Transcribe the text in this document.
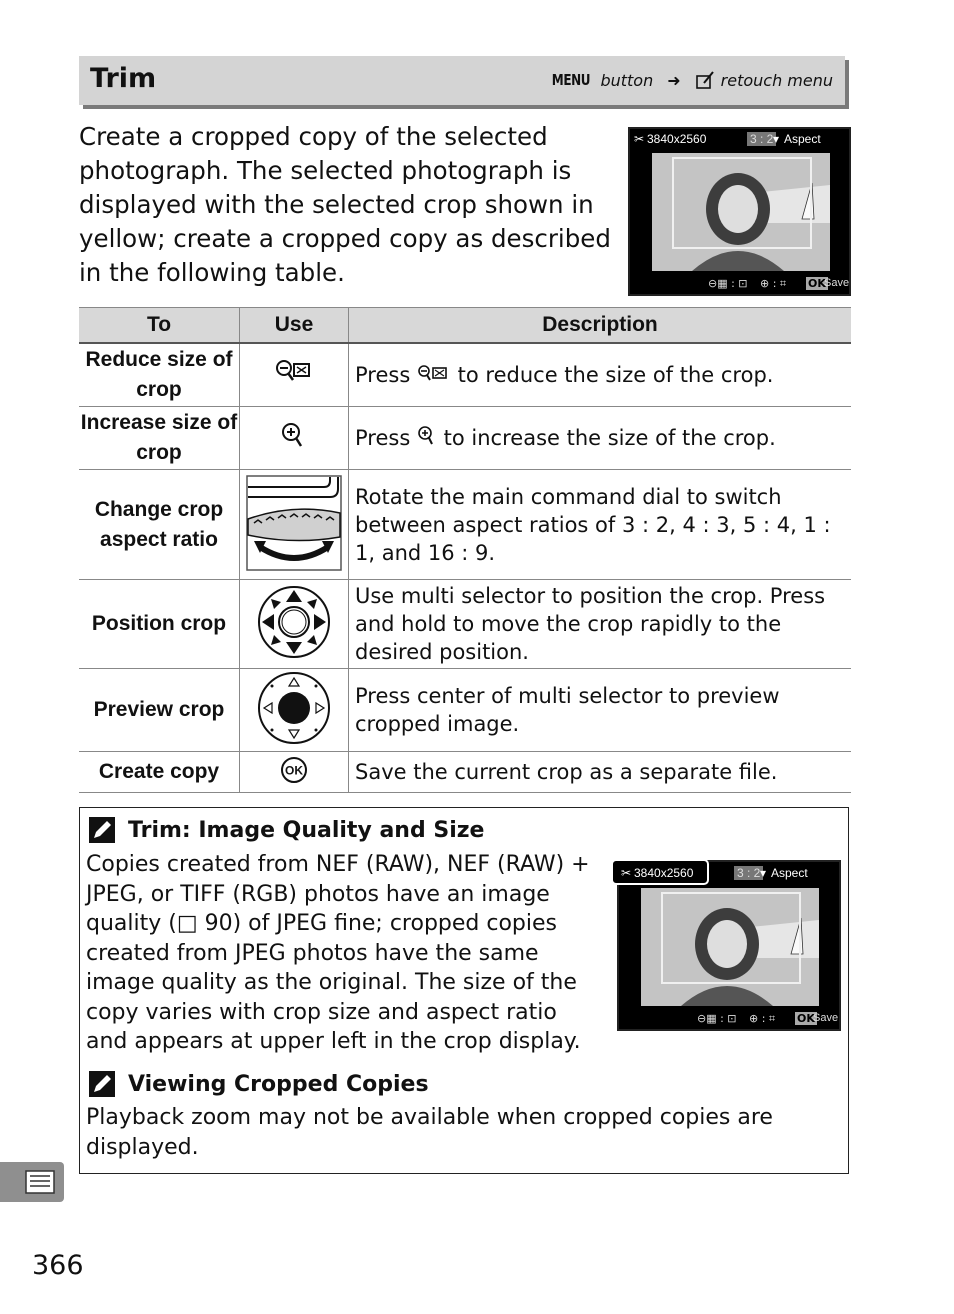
Trim	MENU button ➜	retouch menu
Create a cropped copy of the selected photograph. The selected photograph is displayed with the selected crop shown in yellow; create a cropped copy as described in the following table.
✂ 3840x2560	3 : 2 ▾ Aspect
⊖▦ : ⊡ ⊕ : ⌗ OK
Save
To	Use	Description
Reduce size of crop		Press to reduce the size of the crop.
Increase size of crop		Press to increase the size of the crop.
Change crop aspect ratio		Rotate the main command dial to switch between aspect ratios of 3 : 2, 4 : 3, 5 : 4, 1 : 1, and 16 : 9.
Position crop		Use multi selector to position the crop. Press and hold to move the crop rapidly to the desired position.
Preview crop		Press center of multi selector to preview cropped image.
Create copy	OK	Save the current crop as a separate file.
Trim: Image Quality and Size
Copies created from NEF (RAW), NEF (RAW) + JPEG, or TIFF (RGB) photos have an image quality (□ 90) of JPEG fine; cropped copies created from JPEG photos have the same image quality as the original. The size of the copy varies with crop size and aspect ratio and appears at upper left in the crop display.
Viewing Cropped Copies
Playback zoom may not be available when cropped copies are displayed.
✂ 3840x2560	3 : 2 ▾ Aspect
⊖▦ : ⊡ ⊕ : ⌗ OK
Save
366
